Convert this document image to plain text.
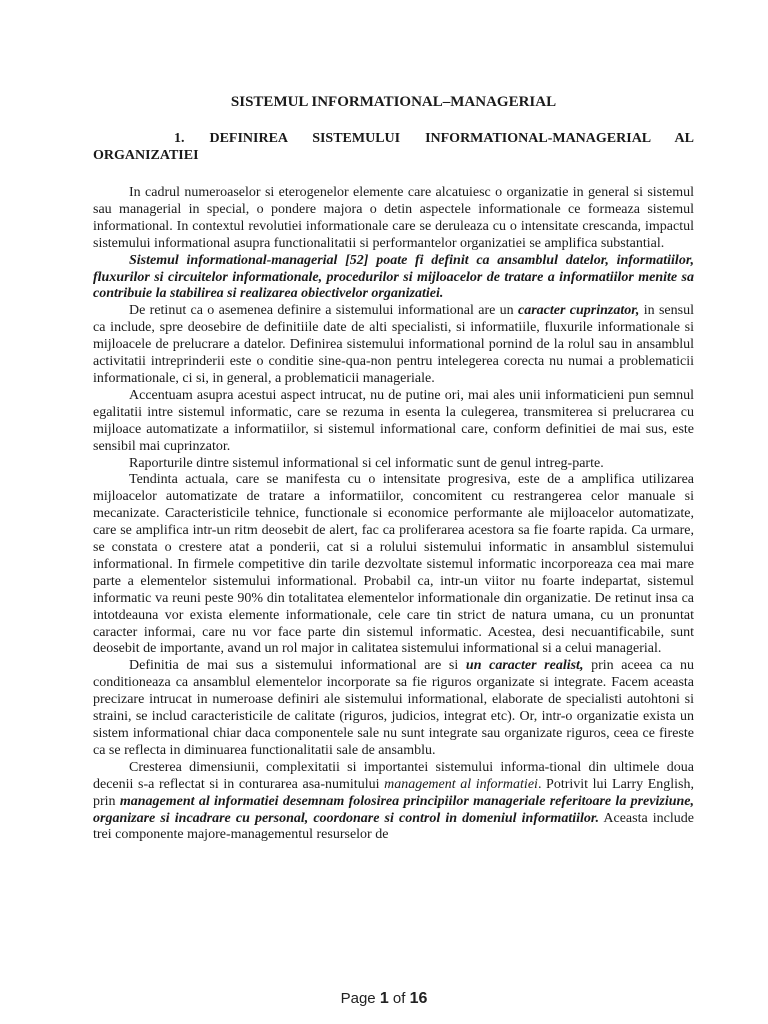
SISTEMUL INFORMATIONAL–MANAGERIAL
1. DEFINIREA SISTEMULUI INFORMATIONAL-MANAGERIAL AL ORGANIZATIEI

In cadrul numeroaselor si eterogenelor elemente care alcatuiesc o organizatie in general si sistemul sau managerial in special, o pondere majora o detin aspectele informationale ce formeaza sistemul informational. In contextul revolutiei informationale care se deruleaza cu o intensitate crescanda, impactul sistemului informational asupra functionalitatii si performantelor organizatiei se amplifica substantial.

Sistemul informational-managerial [52] poate fi definit ca ansamblul datelor, informatiilor, fluxurilor si circuitelor informationale, procedurilor si mijloacelor de tratare a informatiilor menite sa contribuie la stabilirea si realizarea obiectivelor organizatiei.

De retinut ca o asemenea definire a sistemului informational are un caracter cuprinzator, in sensul ca include, spre deosebire de definitiile date de alti specialisti, si informatiile, fluxurile informationale si mijloacele de prelucrare a datelor. Definirea sistemului informational pornind de la rolul sau in ansamblul activitatii intreprinderii este o conditie sine-qua-non pentru intelegerea corecta nu numai a problematicii informationale, ci si, in general, a problematicii manageriale.

Accentuam asupra acestui aspect intrucat, nu de putine ori, mai ales unii informaticieni pun semnul egalitatii intre sistemul informatic, care se rezuma in esenta la culegerea, transmiterea si prelucrarea cu mijloace automatizate a informatiilor, si sistemul informational care, conform definitiei de mai sus, este sensibil mai cuprinzator.

Raporturile dintre sistemul informational si cel informatic sunt de genul intreg-parte.

Tendinta actuala, care se manifesta cu o intensitate progresiva, este de a amplifica utilizarea mijloacelor automatizate de tratare a informatiilor, concomitent cu restrangerea celor manuale si mecanizate. Caracteristicile tehnice, functionale si economice performante ale mijloacelor automatizate, care se amplifica intr-un ritm deosebit de alert, fac ca proliferarea acestora sa fie foarte rapida. Ca urmare, se constata o crestere atat a ponderii, cat si a rolului sistemului informatic in ansamblul sistemului informational. In firmele competitive din tarile dezvoltate sistemul informatic incorporeaza cea mai mare parte a elementelor sistemului informational. Probabil ca, intr-un viitor nu foarte indepartat, sistemul informatic va reuni peste 90% din totalitatea elementelor informationale din organizatie. De retinut insa ca intotdeauna vor exista elemente informationale, cele care tin strict de natura umana, cu un pronuntat caracter informai, care nu vor face parte din sistemul informatic. Acestea, desi necuantificabile, sunt deosebit de importante, avand un rol major in calitatea sistemului informational si a celui managerial.

Definitia de mai sus a sistemului informational are si un caracter realist, prin aceea ca nu conditioneaza ca ansamblul elementelor incorporate sa fie riguros organizate si integrate. Facem aceasta precizare intrucat in numeroase definiri ale sistemului informational, elaborate de specialisti autohtoni si straini, se includ caracteristicile de calitate (riguros, judicios, integrat etc). Or, intr-o organizatie exista un sistem informational chiar daca componentele sale nu sunt integrate sau organizate riguros, ceea ce fireste ca se reflecta in diminuarea functionalitatii sale de ansamblu.

Cresterea dimensiunii, complexitatii si importantei sistemului informa-tional din ultimele doua decenii s-a reflectat si in conturarea asa-numitului management al informatiei. Potrivit lui Larry English, prin management al informatiei desemnam folosirea principiilor manageriale referitoare la previziune, organizare si incadrare cu personal, coordonare si control in domeniul informatiilor. Aceasta include trei componente majore-managementul resurselor de

Page 1 of 16
